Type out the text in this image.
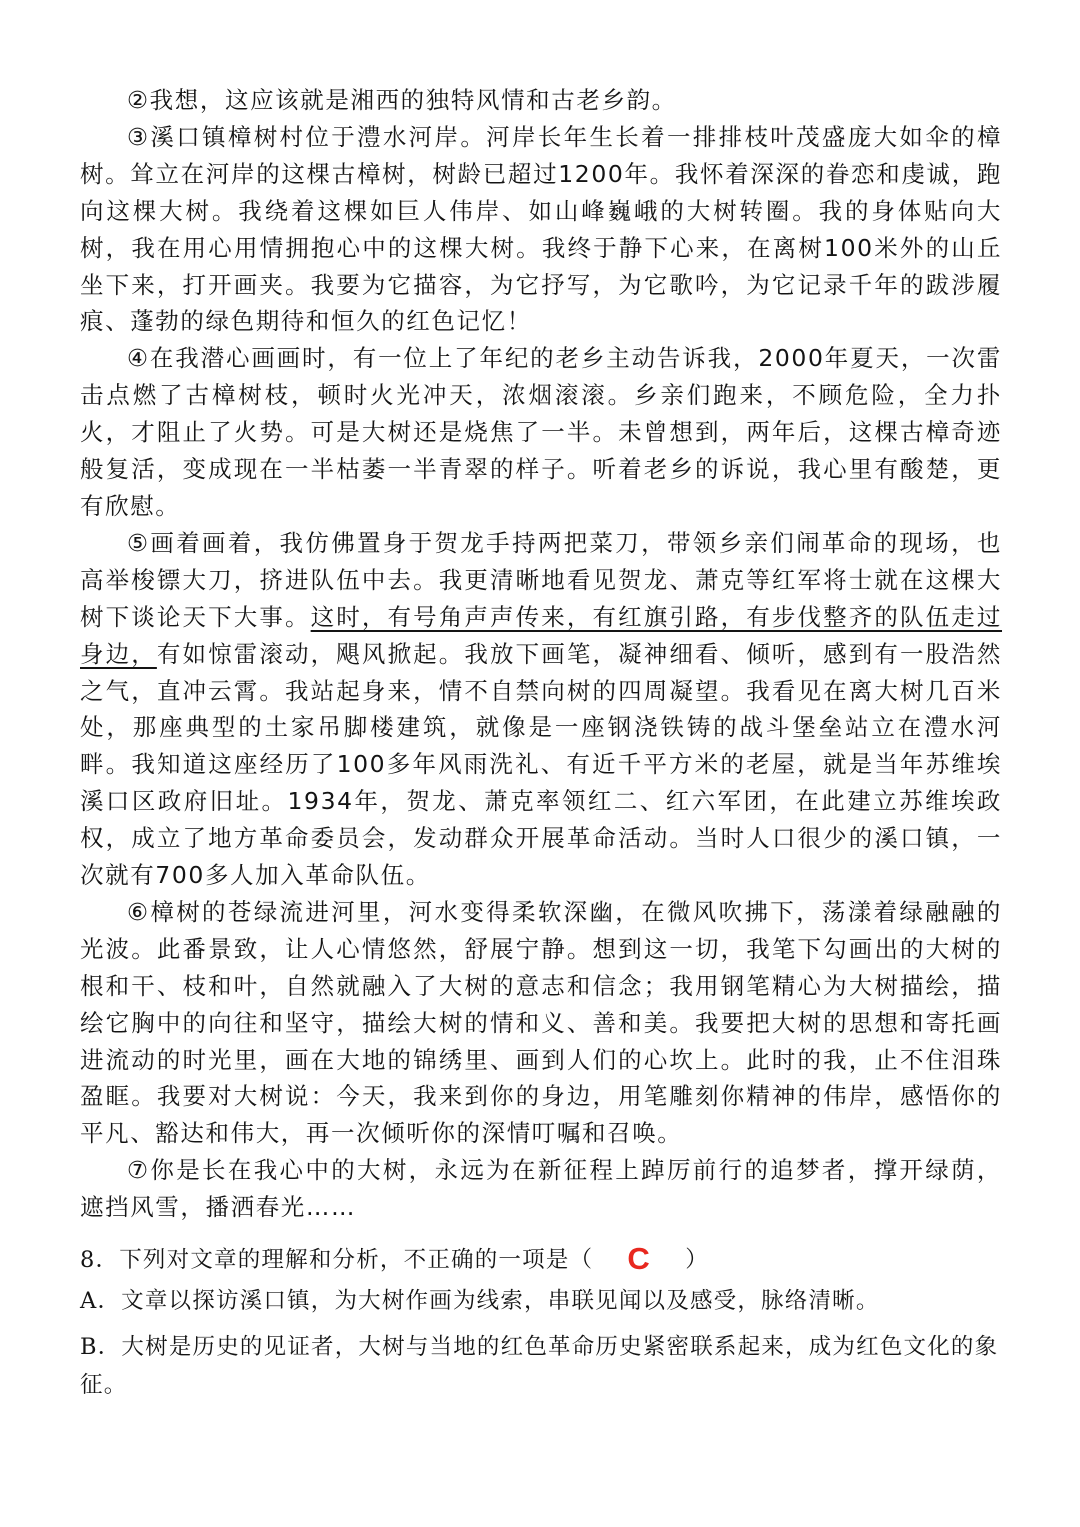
②我想，这应该就是湘西的独特风情和古老乡韵。

③溪口镇樟树村位于澧水河岸。河岸长年生长着一排排枝叶茂盛庞大如伞的樟树。耸立在河岸的这棵古樟树，树龄已超过1200年。我怀着深深的眷恋和虔诚，跑向这棵大树。我绕着这棵如巨人伟岸、如山峰巍峨的大树转圈。我的身体贴向大树，我在用心用情拥抱心中的这棵大树。我终于静下心来，在离树100米外的山丘坐下来，打开画夹。我要为它描容，为它抒写，为它歌吟，为它记录千年的跋涉履痕、蓬勃的绿色期待和恒久的红色记忆！

④在我潜心画画时，有一位上了年纪的老乡主动告诉我，2000年夏天，一次雷击点燃了古樟树枝，顿时火光冲天，浓烟滚滚。乡亲们跑来，不顾危险，全力扑火，才阻止了火势。可是大树还是烧焦了一半。未曾想到，两年后，这棵古樟奇迹般复活，变成现在一半枯萎一半青翠的样子。听着老乡的诉说，我心里有酸楚，更有欣慰。

⑤画着画着，我仿佛置身于贺龙手持两把菜刀，带领乡亲们闹革命的现场，也高举梭镖大刀，挤进队伍中去。我更清晰地看见贺龙、萧克等红军将士就在这棵大树下谈论天下大事。这时，有号角声声传来，有红旗引路，有步伐整齐的队伍走过身边，有如惊雷滚动，飓风掀起。我放下画笔，凝神细看、倾听，感到有一股浩然之气，直冲云霄。我站起身来，情不自禁向树的四周凝望。我看见在离大树几百米处，那座典型的土家吊脚楼建筑，就像是一座钢浇铁铸的战斗堡垒站立在澧水河畔。我知道这座经历了100多年风雨洗礼、有近千平方米的老屋，就是当年苏维埃溪口区政府旧址。1934年，贺龙、萧克率领红二、红六军团，在此建立苏维埃政权，成立了地方革命委员会，发动群众开展革命活动。当时人口很少的溪口镇，一次就有700多人加入革命队伍。

⑥樟树的苍绿流进河里，河水变得柔软深幽，在微风吹拂下，荡漾着绿融融的光波。此番景致，让人心情悠然，舒展宁静。想到这一切，我笔下勾画出的大树的根和干、枝和叶，自然就融入了大树的意志和信念；我用钢笔精心为大树描绘，描绘它胸中的向往和坚守，描绘大树的情和义、善和美。我要把大树的思想和寄托画进流动的时光里，画在大地的锦绣里、画到人们的心坎上。此时的我，止不住泪珠盈眶。我要对大树说：今天，我来到你的身边，用笔雕刻你精神的伟岸，感悟你的平凡、豁达和伟大，再一次倾听你的深情叮嘱和召唤。

⑦你是长在我心中的大树，永远为在新征程上踔厉前行的追梦者，撑开绿荫，遮挡风雪，播洒春光……

8．下列对文章的理解和分析，不正确的一项是（ C ）

A．文章以探访溪口镇，为大树作画为线索，串联见闻以及感受，脉络清晰。

B．大树是历史的见证者，大树与当地的红色革命历史紧密联系起来，成为红色文化的象征。
